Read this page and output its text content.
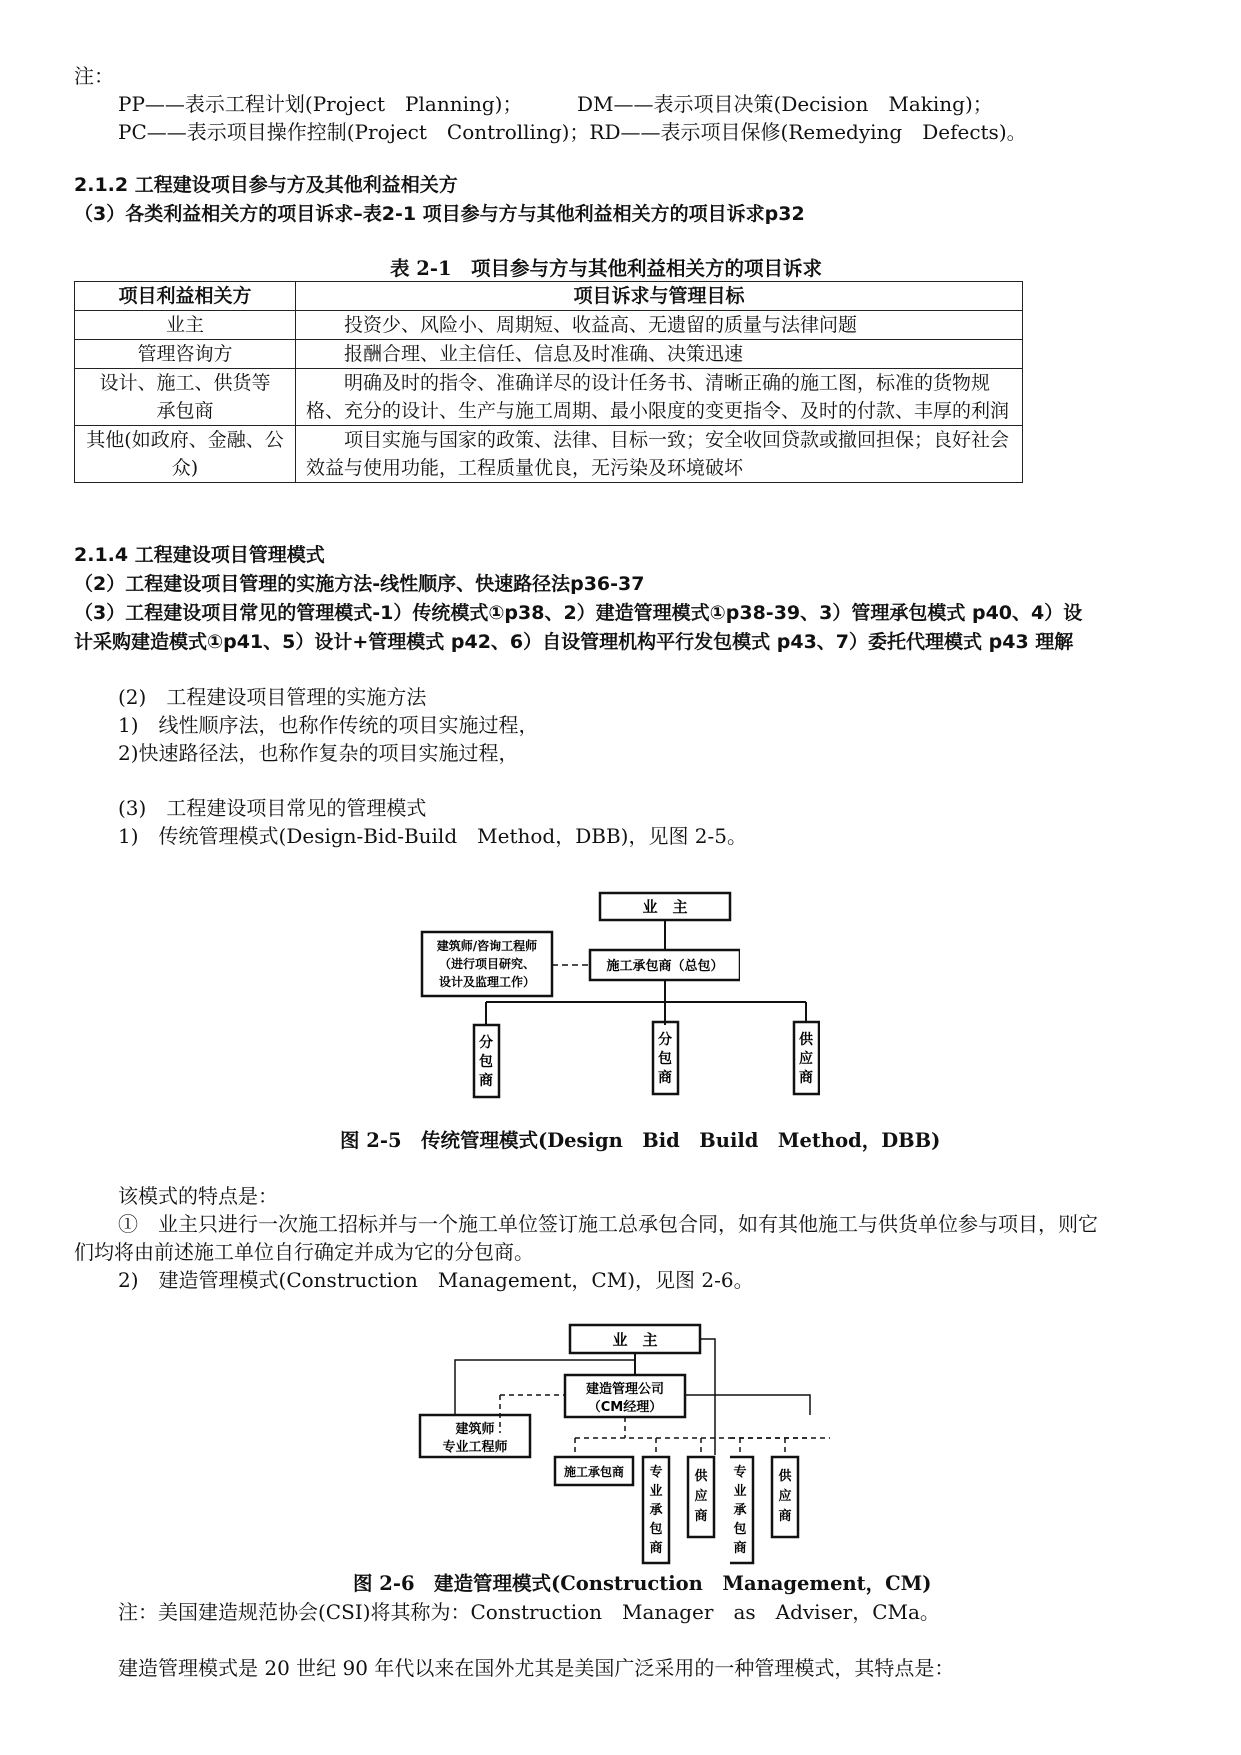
注：
PP——表示工程计划(Project　Planning)；	DM——表示项目决策(Decision　Making)；
PC——表示项目操作控制(Project　Controlling)；RD——表示项目保修(Remedying　Defects)。
2.1.2 工程建设项目参与方及其他利益相关方
（3）各类利益相关方的项目诉求–表2-1 项目参与方与其他利益相关方的项目诉求p32
表 2-1　项目参与方与其他利益相关方的项目诉求
项目利益相关方	项目诉求与管理目标
业主	投资少、风险小、周期短、收益高、无遗留的质量与法律问题

管理咨询方	报酬合理、业主信任、信息及时准确、决策迅速

设计、施工、供货等承包商	明确及时的指令、准确详尽的设计任务书、清晰正确的施工图，标准的货物规格、充分的设计、生产与施工周期、最小限度的变更指令、及时的付款、丰厚的利润

其他(如政府、金融、公众)	项目实施与国家的政策、法律、目标一致；安全收回贷款或撤回担保；良好社会效益与使用功能，工程质量优良，无污染及环境破坏
2.1.4 工程建设项目管理模式
（2）工程建设项目管理的实施方法-线性顺序、快速路径法p36-37
（3）工程建设项目常见的管理模式-1）传统模式①p38、2）建造管理模式①p38-39、3）管理承包模式 p40、4）设
计采购建造模式①p41、5）设计+管理模式 p42、6）自设管理机构平行发包模式 p43、7）委托代理模式 p43 理解
(2)　工程建设项目管理的实施方法
1)　线性顺序法，也称作传统的项目实施过程，
2)快速路径法，也称作复杂的项目实施过程，
(3)　工程建设项目常见的管理模式
1)　传统管理模式(Design-Bid-Build　Method，DBB)，见图 2-5。
业　主
建筑师/咨询工程师
（进行项目研究、
设计及监理工作）
施工承包商（总包）
分
包
商
分
包
商
供
应
商
图 2-5　传统管理模式(Design　Bid　Build　Method，DBB)
该模式的特点是：
①　业主只进行一次施工招标并与一个施工单位签订施工总承包合同，如有其他施工与供货单位参与项目，则它
们均将由前述施工单位自行确定并成为它的分包商。
2)　建造管理模式(Construction　Management，CM)，见图 2-6。
业　主
建造管理公司
（CM经理）
建筑师
专业工程师
施工承包商 专
业
承
包
商
供
应
商
专
业
承
包
商
供
应
商
图 2-6　建造管理模式(Construction　Management，CM)
注：美国建造规范协会(CSI)将其称为：Construction　Manager　as　Adviser，CMa。
建造管理模式是 20 世纪 90 年代以来在国外尤其是美国广泛采用的一种管理模式，其特点是：
